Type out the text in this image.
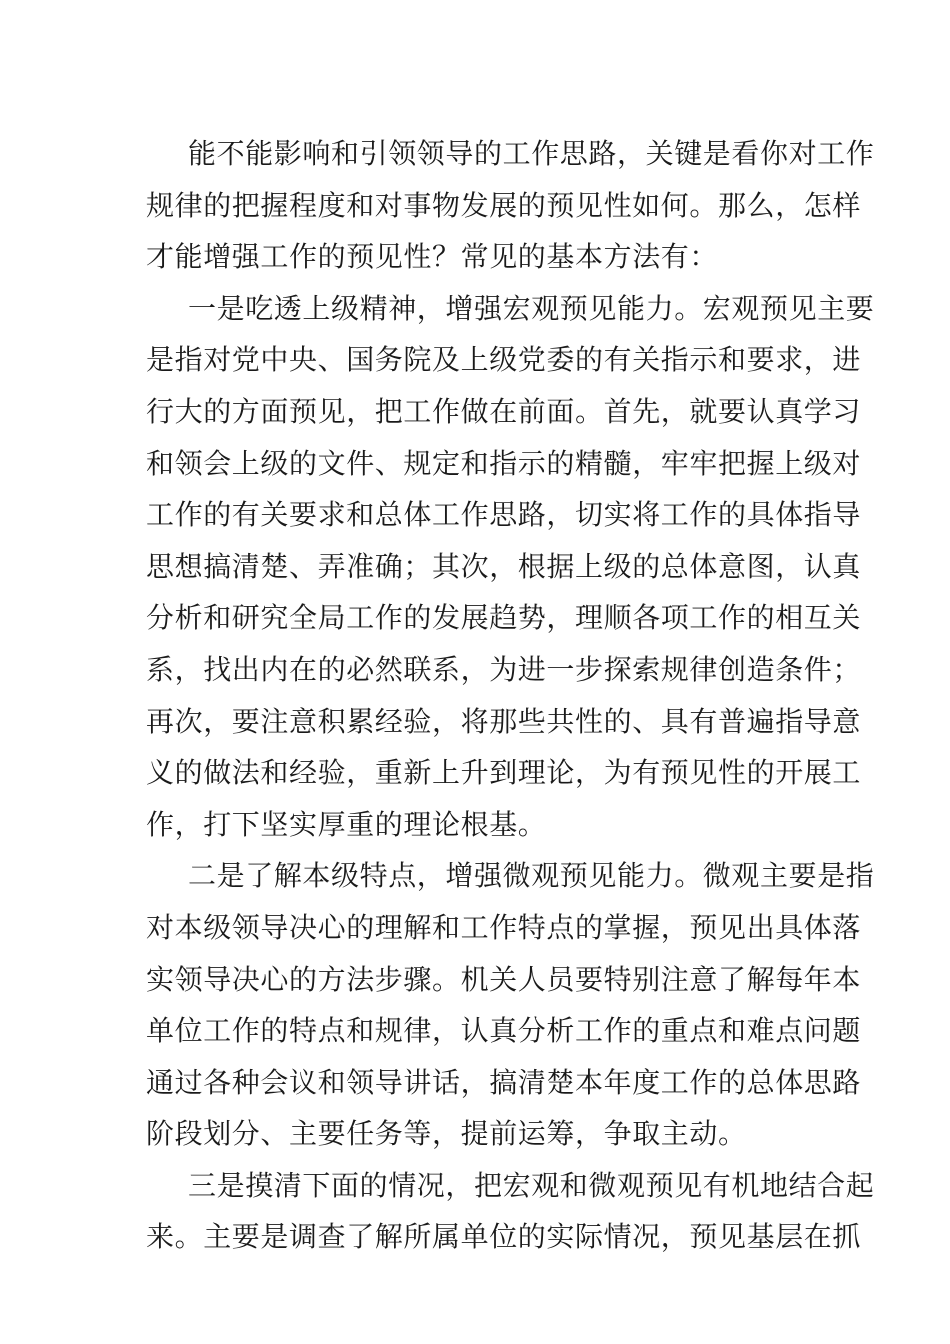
能不能影响和引领领导的工作思路，关键是看你对工作
规律的把握程度和对事物发展的预见性如何。那么，怎样
才能增强工作的预见性？常见的基本方法有：
一是吃透上级精神，增强宏观预见能力。宏观预见主要
是指对党中央、国务院及上级党委的有关指示和要求，进
行大的方面预见，把工作做在前面。首先，就要认真学习
和领会上级的文件、规定和指示的精髓，牢牢把握上级对
工作的有关要求和总体工作思路，切实将工作的具体指导
思想搞清楚、弄准确；其次，根据上级的总体意图，认真
分析和研究全局工作的发展趋势，理顺各项工作的相互关
系，找出内在的必然联系，为进一步探索规律创造条件；
再次，要注意积累经验，将那些共性的、具有普遍指导意
义的做法和经验，重新上升到理论，为有预见性的开展工
作，打下坚实厚重的理论根基。
二是了解本级特点，增强微观预见能力。微观主要是指
对本级领导决心的理解和工作特点的掌握，预见出具体落
实领导决心的方法步骤。机关人员要特别注意了解每年本
单位工作的特点和规律，认真分析工作的重点和难点问题
通过各种会议和领导讲话，搞清楚本年度工作的总体思路
阶段划分、主要任务等，提前运筹，争取主动。
三是摸清下面的情况，把宏观和微观预见有机地结合起
来。主要是调查了解所属单位的实际情况，预见基层在抓
